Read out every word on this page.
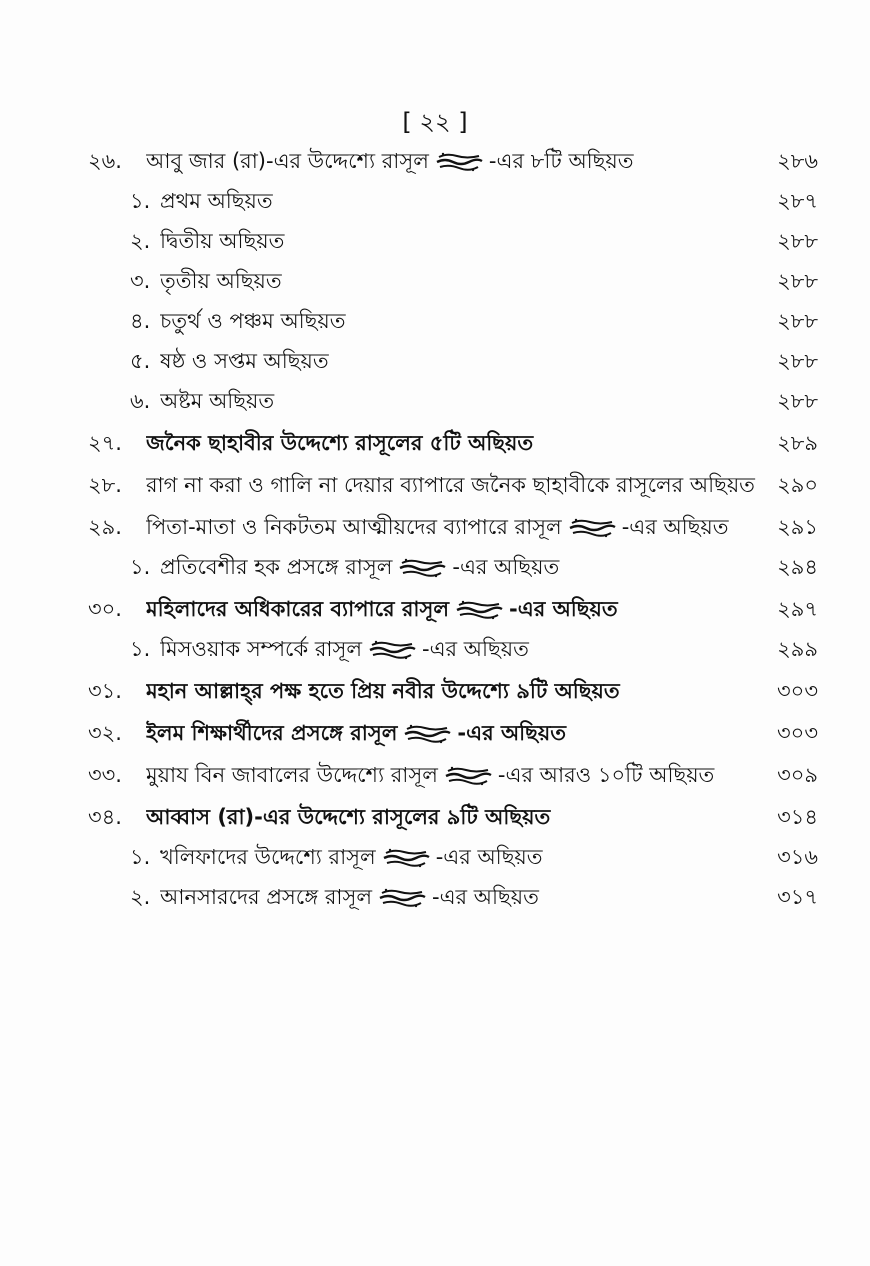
[ ২২ ]
২৬.	আবু জার (রা)-এর উদ্দেশ্যে রাসূল	-এর ৮টি অছিয়ত	২৮৬
১. প্রথম অছিয়ত	২৮৭
২. দ্বিতীয় অছিয়ত	২৮৮
৩. তৃতীয় অছিয়ত	২৮৮
৪. চতুর্থ ও পঞ্চম অছিয়ত	২৮৮
৫. ষষ্ঠ ও সপ্তম অছিয়ত	২৮৮
৬. অষ্টম অছিয়ত	২৮৮
২৭.	জনৈক ছাহাবীর উদ্দেশ্যে রাসূলের ৫টি অছিয়ত	২৮৯
২৮.	রাগ না করা ও গালি না দেয়ার ব্যাপারে জনৈক ছাহাবীকে রাসূলের অছিয়ত	২৯০
২৯.	পিতা-মাতা ও নিকটতম আত্মীয়দের ব্যাপারে রাসূল	-এর অছিয়ত	২৯১
১. প্রতিবেশীর হক প্রসঙ্গে রাসূল	-এর অছিয়ত	২৯৪
৩০.	মহিলাদের অধিকারের ব্যাপারে রাসূল	-এর অছিয়ত	২৯৭
১. মিসওয়াক সম্পর্কে রাসূল	-এর অছিয়ত	২৯৯
৩১.	মহান আল্লাহ্‌র পক্ষ হতে প্রিয় নবীর উদ্দেশ্যে ৯টি অছিয়ত	৩০৩
৩২.	ইলম শিক্ষার্থীদের প্রসঙ্গে রাসূল	-এর অছিয়ত	৩০৩
৩৩.	মুয়ায বিন জাবালের উদ্দেশ্যে রাসূল	-এর আরও ১০টি অছিয়ত	৩০৯
৩৪.	আব্বাস (রা)-এর উদ্দেশ্যে রাসূলের ৯টি অছিয়ত	৩১৪
১. খলিফাদের উদ্দেশ্যে রাসূল	-এর অছিয়ত	৩১৬
২. আনসারদের প্রসঙ্গে রাসূল	-এর অছিয়ত	৩১৭
